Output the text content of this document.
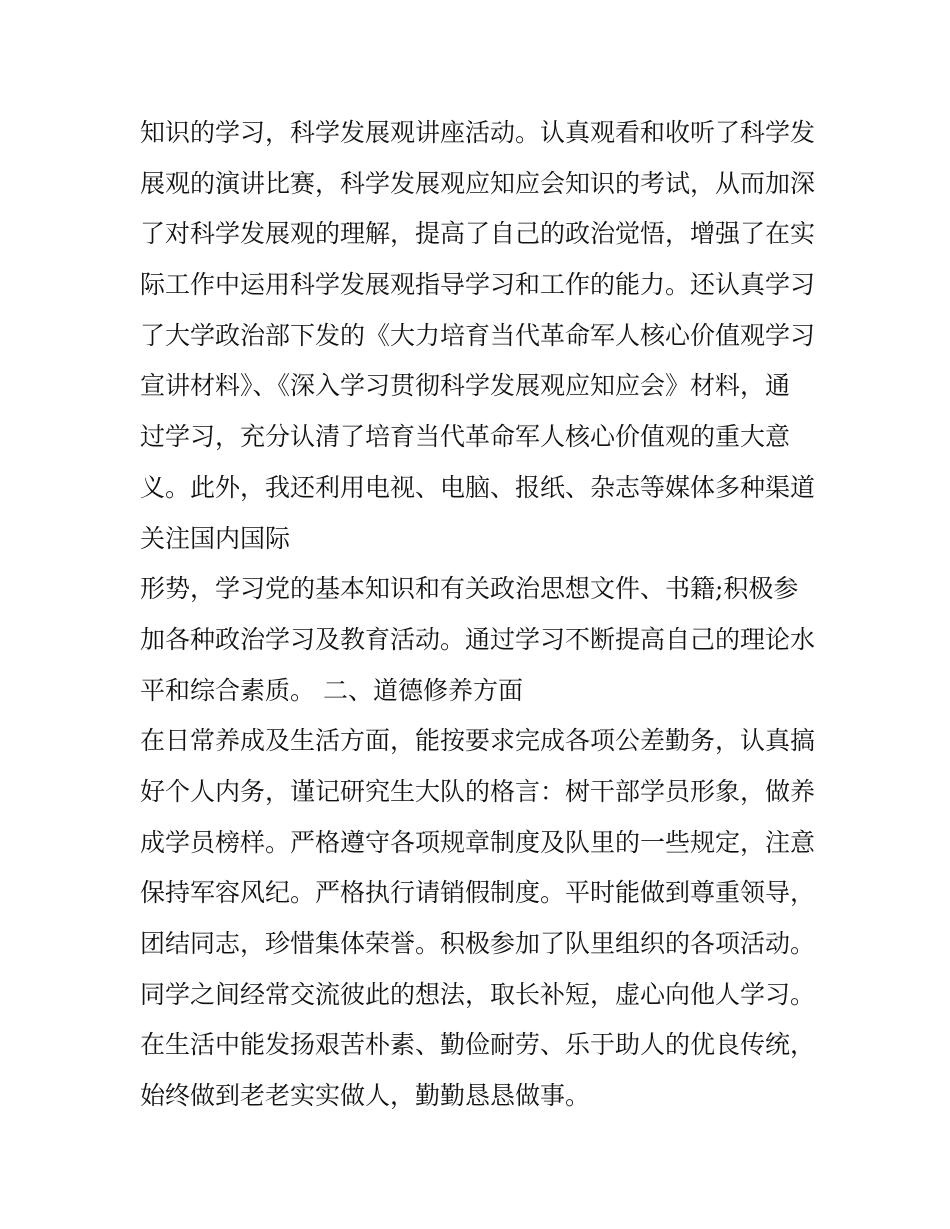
知识的学习，科学发展观讲座活动。认真观看和收听了科学发
展观的演讲比赛，科学发展观应知应会知识的考试，从而加深
了对科学发展观的理解，提高了自己的政治觉悟，增强了在实
际工作中运用科学发展观指导学习和工作的能力。还认真学习
了大学政治部下发的《大力培育当代革命军人核心价值观学习
宣讲材料》、《深入学习贯彻科学发展观应知应会》材料，通
过学习，充分认清了培育当代革命军人核心价值观的重大意
义。此外，我还利用电视、电脑、报纸、杂志等媒体多种渠道
关注国内国际
形势，学习党的基本知识和有关政治思想文件、书籍;积极参
加各种政治学习及教育活动。通过学习不断提高自己的理论水
平和综合素质。 二、道德修养方面
在日常养成及生活方面，能按要求完成各项公差勤务，认真搞
好个人内务，谨记研究生大队的格言：树干部学员形象，做养
成学员榜样。严格遵守各项规章制度及队里的一些规定，注意
保持军容风纪。严格执行请销假制度。平时能做到尊重领导，
团结同志，珍惜集体荣誉。积极参加了队里组织的各项活动。
同学之间经常交流彼此的想法，取长补短，虚心向他人学习。
在生活中能发扬艰苦朴素、勤俭耐劳、乐于助人的优良传统，
始终做到老老实实做人，勤勤恳恳做事。
